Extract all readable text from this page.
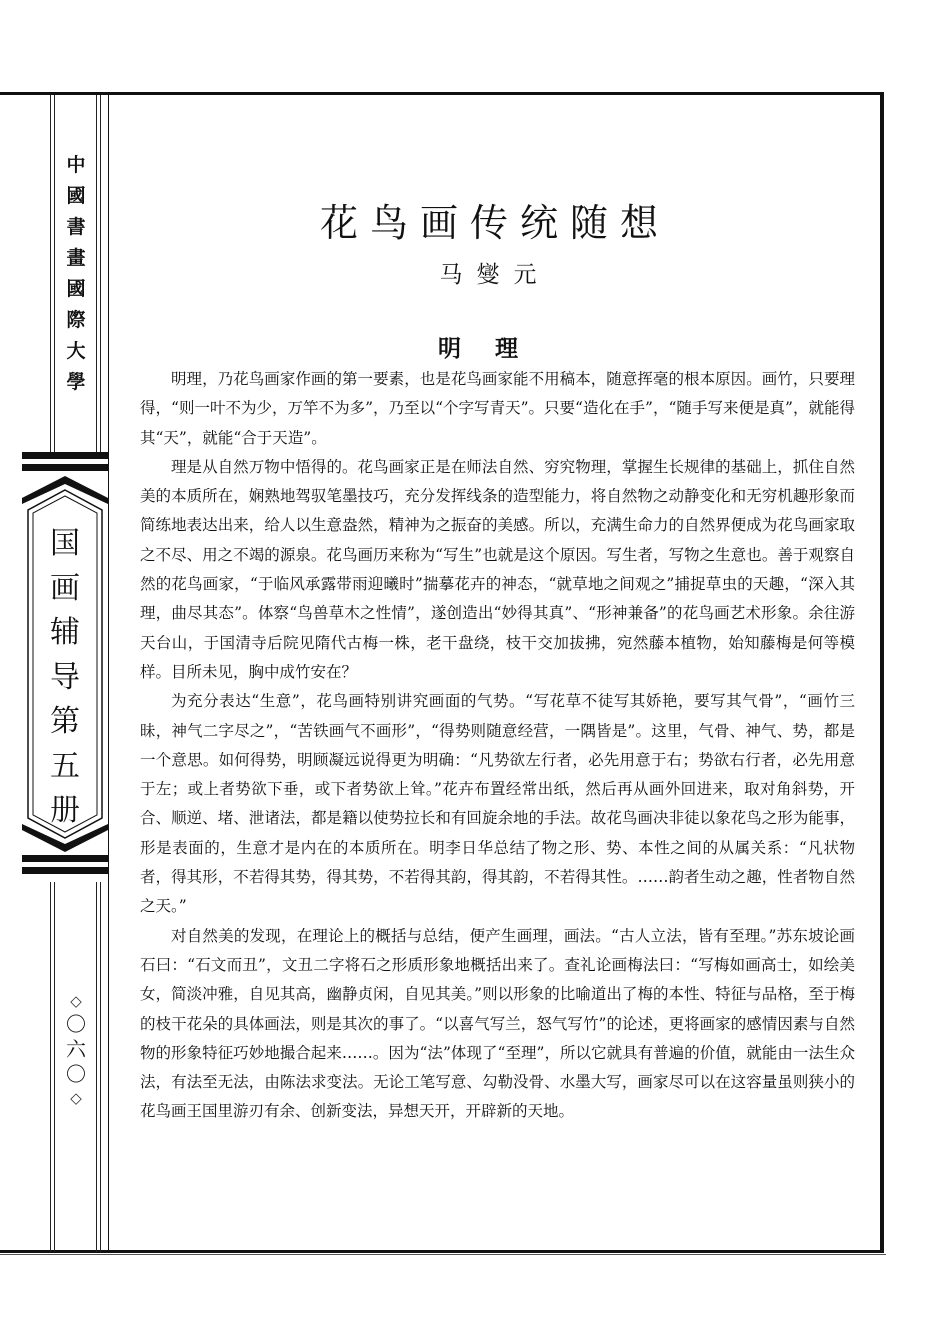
中國書畫國際大學
国画辅导第五册
◇
〇六〇
◇
花鸟画传统随想
马燮元
明理

明理，乃花鸟画家作画的第一要素，也是花鸟画家能不用稿本，随意挥毫的根本原因。画竹，只要理得，“则一叶不为少，万竿不为多”，乃至以“个字写青天”。只要“造化在手”，“随手写来便是真”，就能得其“天”，就能“合于天造”。

理是从自然万物中悟得的。花鸟画家正是在师法自然、穷究物理，掌握生长规律的基础上，抓住自然美的本质所在，娴熟地驾驭笔墨技巧，充分发挥线条的造型能力，将自然物之动静变化和无穷机趣形象而简练地表达出来，给人以生意盎然，精神为之振奋的美感。所以，充满生命力的自然界便成为花鸟画家取之不尽、用之不竭的源泉。花鸟画历来称为“写生”也就是这个原因。写生者，写物之生意也。善于观察自然的花鸟画家，“于临风承露带雨迎曦时”揣摹花卉的神态，“就草地之间观之”捕捉草虫的天趣，“深入其理，曲尽其态”。体察“鸟兽草木之性情”，遂创造出“妙得其真”、“形神兼备”的花鸟画艺术形象。余往游天台山，于国清寺后院见隋代古梅一株，老干盘绕，枝干交加拔拂，宛然藤本植物，始知藤梅是何等模样。目所未见，胸中成竹安在？

为充分表达“生意”，花鸟画特别讲究画面的气势。“写花草不徒写其娇艳，要写其气骨”，“画竹三昧，神气二字尽之”，“苦铁画气不画形”，“得势则随意经营，一隅皆是”。这里，气骨、神气、势，都是一个意思。如何得势，明顾凝远说得更为明确：“凡势欲左行者，必先用意于右；势欲右行者，必先用意于左；或上者势欲下垂，或下者势欲上耸。”花卉布置经常出纸，然后再从画外回进来，取对角斜势，开合、顺逆、堵、泄诸法，都是籍以使势拉长和有回旋余地的手法。故花鸟画决非徒以象花鸟之形为能事，形是表面的，生意才是内在的本质所在。明李日华总结了物之形、势、本性之间的从属关系：“凡状物者，得其形，不若得其势，得其势，不若得其韵，得其韵，不若得其性。……韵者生动之趣，性者物自然之天。”

对自然美的发现，在理论上的概括与总结，便产生画理，画法。“古人立法，皆有至理。”苏东坡论画石曰：“石文而丑”，文丑二字将石之形质形象地概括出来了。查礼论画梅法曰：“写梅如画高士，如绘美女，简淡冲雅，自见其高，幽静贞闲，自见其美。”则以形象的比喻道出了梅的本性、特征与品格，至于梅的枝干花朵的具体画法，则是其次的事了。“以喜气写兰，怒气写竹”的论述，更将画家的感情因素与自然物的形象特征巧妙地撮合起来……。因为“法”体现了“至理”，所以它就具有普遍的价值，就能由一法生众法，有法至无法，由陈法求变法。无论工笔写意、勾勒没骨、水墨大写，画家尽可以在这容量虽则狭小的花鸟画王国里游刃有余、创新变法，异想天开，开辟新的天地。
